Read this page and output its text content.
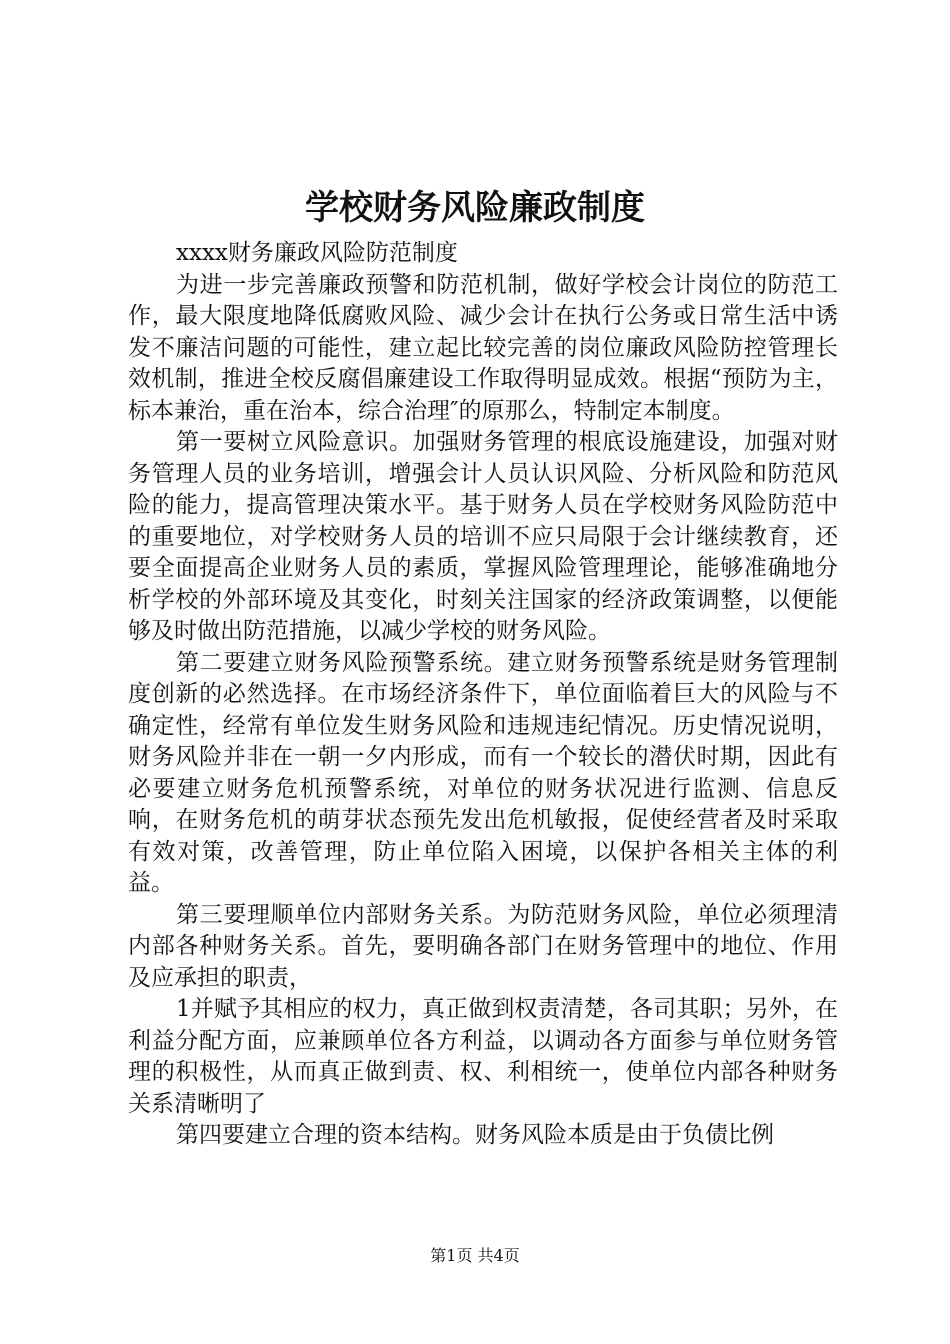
学校财务风险廉政制度

xxxx财务廉政风险防范制度

为进一步完善廉政预警和防范机制，做好学校会计岗位的防范工作，最大限度地降低腐败风险、减少会计在执行公务或日常生活中诱发不廉洁问题的可能性，建立起比较完善的岗位廉政风险防控管理长效机制，推进全校反腐倡廉建设工作取得明显成效。根据“预防为主，标本兼治，重在治本，综合治理″的原那么，特制定本制度。

第一要树立风险意识。加强财务管理的根底设施建设，加强对财务管理人员的业务培训，增强会计人员认识风险、分析风险和防范风险的能力，提高管理决策水平。基于财务人员在学校财务风险防范中的重要地位，对学校财务人员的培训不应只局限于会计继续教育，还要全面提高企业财务人员的素质，掌握风险管理理论，能够准确地分析学校的外部环境及其变化，时刻关注国家的经济政策调整，以便能够及时做出防范措施，以减少学校的财务风险。

第二要建立财务风险预警系统。建立财务预警系统是财务管理制度创新的必然选择。在市场经济条件下，单位面临着巨大的风险与不确定性，经常有单位发生财务风险和违规违纪情况。历史情况说明，财务风险并非在一朝一夕内形成，而有一个较长的潜伏时期，因此有必要建立财务危机预警系统，对单位的财务状况进行监测、信息反响，在财务危机的萌芽状态预先发出危机敏报，促使经营者及时采取有效对策，改善管理，防止单位陷入困境，以保护各相关主体的利益。

第三要理顺单位内部财务关系。为防范财务风险，单位必须理清内部各种财务关系。首先，要明确各部门在财务管理中的地位、作用及应承担的职责，

1并赋予其相应的权力，真正做到权责清楚，各司其职；另外，在利益分配方面，应兼顾单位各方利益，以调动各方面参与单位财务管理的积极性，从而真正做到责、权、利相统一，使单位内部各种财务关系清晰明了

第四要建立合理的资本结构。财务风险本质是由于负债比例

第1页 共4页
